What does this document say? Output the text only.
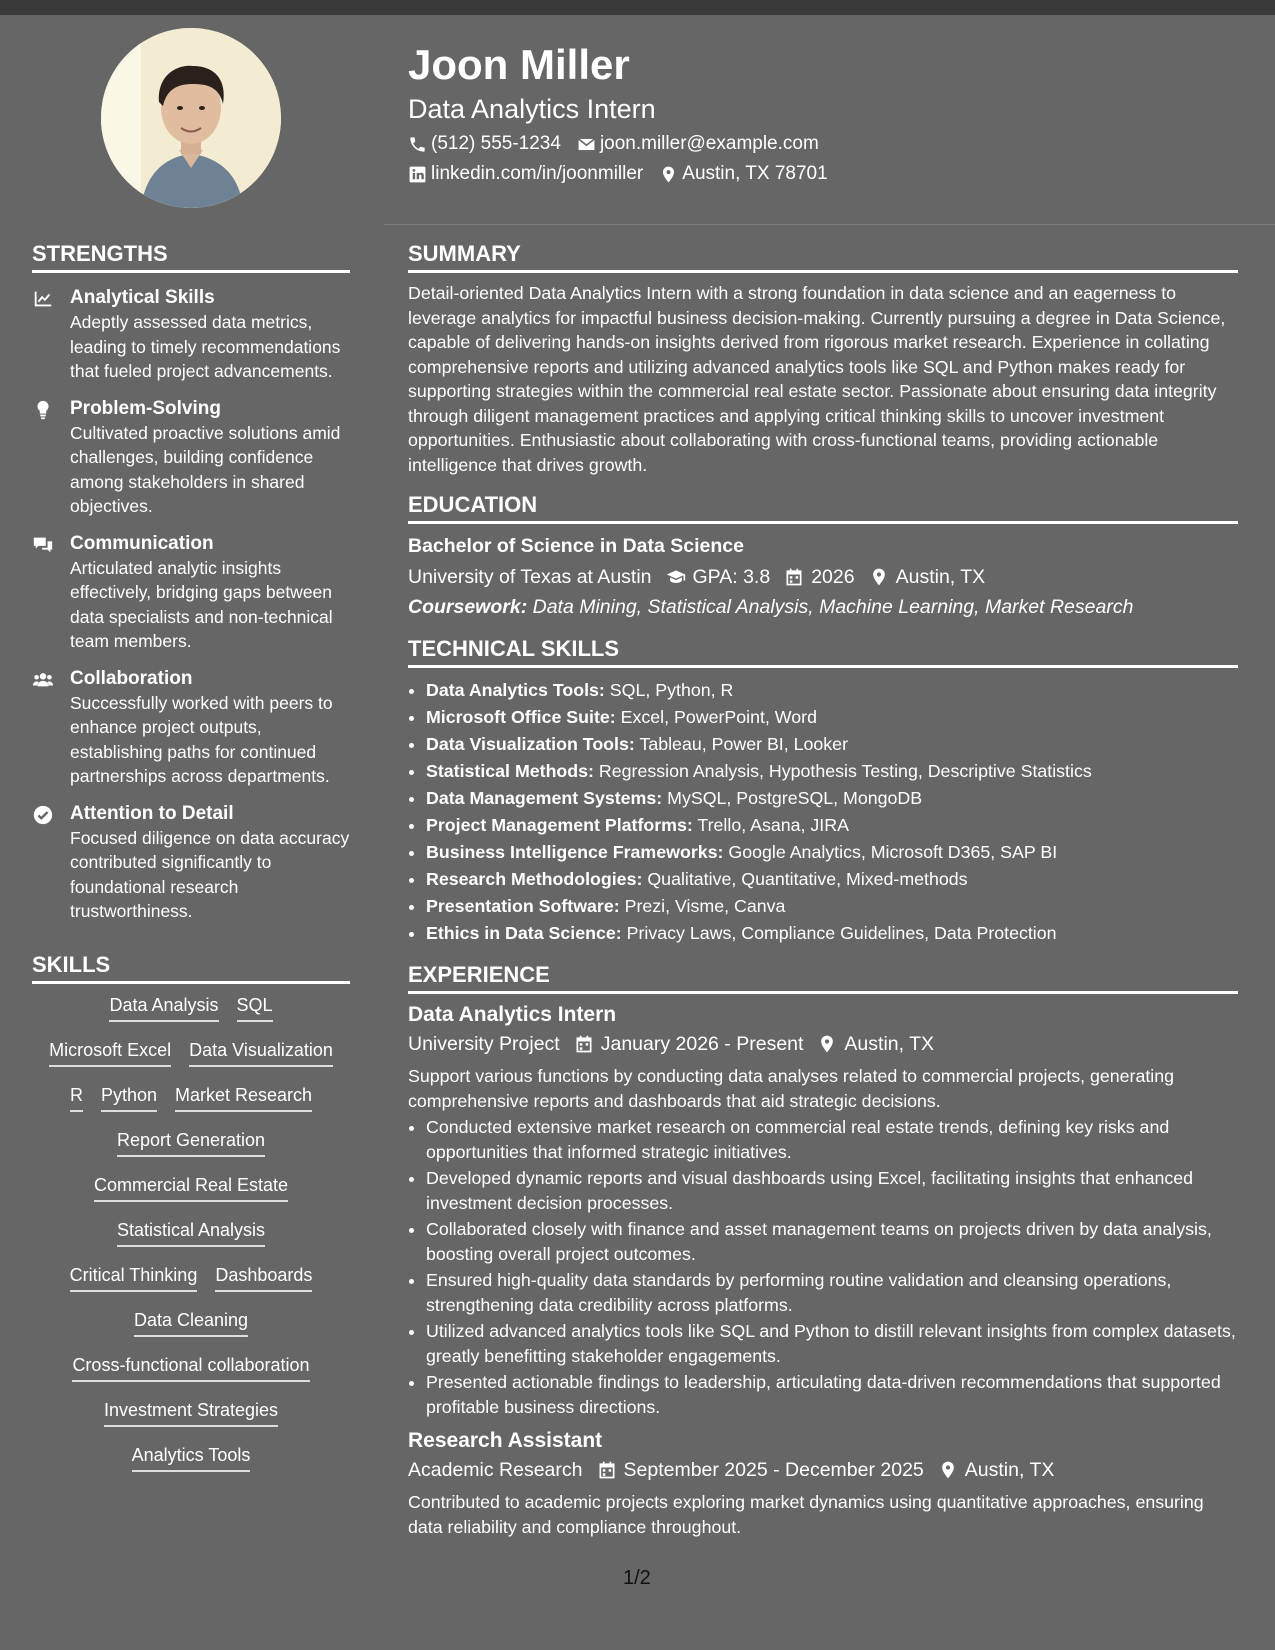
Joon Miller
Data Analytics Intern
(512) 555-1234 joon.miller@example.com
linkedin.com/in/joonmiller Austin, TX 78701
STRENGTHS
Analytical Skills
Adeptly assessed data metrics, leading to timely recommendations that fueled project advancements.
Problem-Solving
Cultivated proactive solutions amid challenges, building confidence among stakeholders in shared objectives.
Communication
Articulated analytic insights effectively, bridging gaps between data specialists and non-technical team members.
Collaboration
Successfully worked with peers to enhance project outputs, establishing paths for continued partnerships across departments.
Attention to Detail
Focused diligence on data accuracy contributed significantly to foundational research trustworthiness.
SKILLS
Data Analysis SQL
Microsoft Excel Data Visualization
R Python Market Research
Report Generation
Commercial Real Estate
Statistical Analysis
Critical Thinking Dashboards
Data Cleaning
Cross-functional collaboration
Investment Strategies
Analytics Tools
SUMMARY
Detail-oriented Data Analytics Intern with a strong foundation in data science and an eagerness to leverage analytics for impactful business decision-making. Currently pursuing a degree in Data Science, capable of delivering hands-on insights derived from rigorous market research. Experience in collating comprehensive reports and utilizing advanced analytics tools like SQL and Python makes ready for supporting strategies within the commercial real estate sector. Passionate about ensuring data integrity through diligent management practices and applying critical thinking skills to uncover investment opportunities. Enthusiastic about collaborating with cross-functional teams, providing actionable intelligence that drives growth.
EDUCATION
Bachelor of Science in Data Science
University of Texas at Austin GPA: 3.8 2026 Austin, TX
Coursework: Data Mining, Statistical Analysis, Machine Learning, Market Research
TECHNICAL SKILLS
• Data Analytics Tools: SQL, Python, R
• Microsoft Office Suite: Excel, PowerPoint, Word
• Data Visualization Tools: Tableau, Power BI, Looker
• Statistical Methods: Regression Analysis, Hypothesis Testing, Descriptive Statistics
• Data Management Systems: MySQL, PostgreSQL, MongoDB
• Project Management Platforms: Trello, Asana, JIRA
• Business Intelligence Frameworks: Google Analytics, Microsoft D365, SAP BI
• Research Methodologies: Qualitative, Quantitative, Mixed-methods
• Presentation Software: Prezi, Visme, Canva
• Ethics in Data Science: Privacy Laws, Compliance Guidelines, Data Protection
EXPERIENCE
Data Analytics Intern
University Project January 2026 - Present Austin, TX
Support various functions by conducting data analyses related to commercial projects, generating comprehensive reports and dashboards that aid strategic decisions.
• Conducted extensive market research on commercial real estate trends, defining key risks and opportunities that informed strategic initiatives.
• Developed dynamic reports and visual dashboards using Excel, facilitating insights that enhanced investment decision processes.
• Collaborated closely with finance and asset management teams on projects driven by data analysis, boosting overall project outcomes.
• Ensured high-quality data standards by performing routine validation and cleansing operations, strengthening data credibility across platforms.
• Utilized advanced analytics tools like SQL and Python to distill relevant insights from complex datasets, greatly benefitting stakeholder engagements.
• Presented actionable findings to leadership, articulating data-driven recommendations that supported profitable business directions.
Research Assistant
Academic Research September 2025 - December 2025 Austin, TX
Contributed to academic projects exploring market dynamics using quantitative approaches, ensuring data reliability and compliance throughout.
1/2
